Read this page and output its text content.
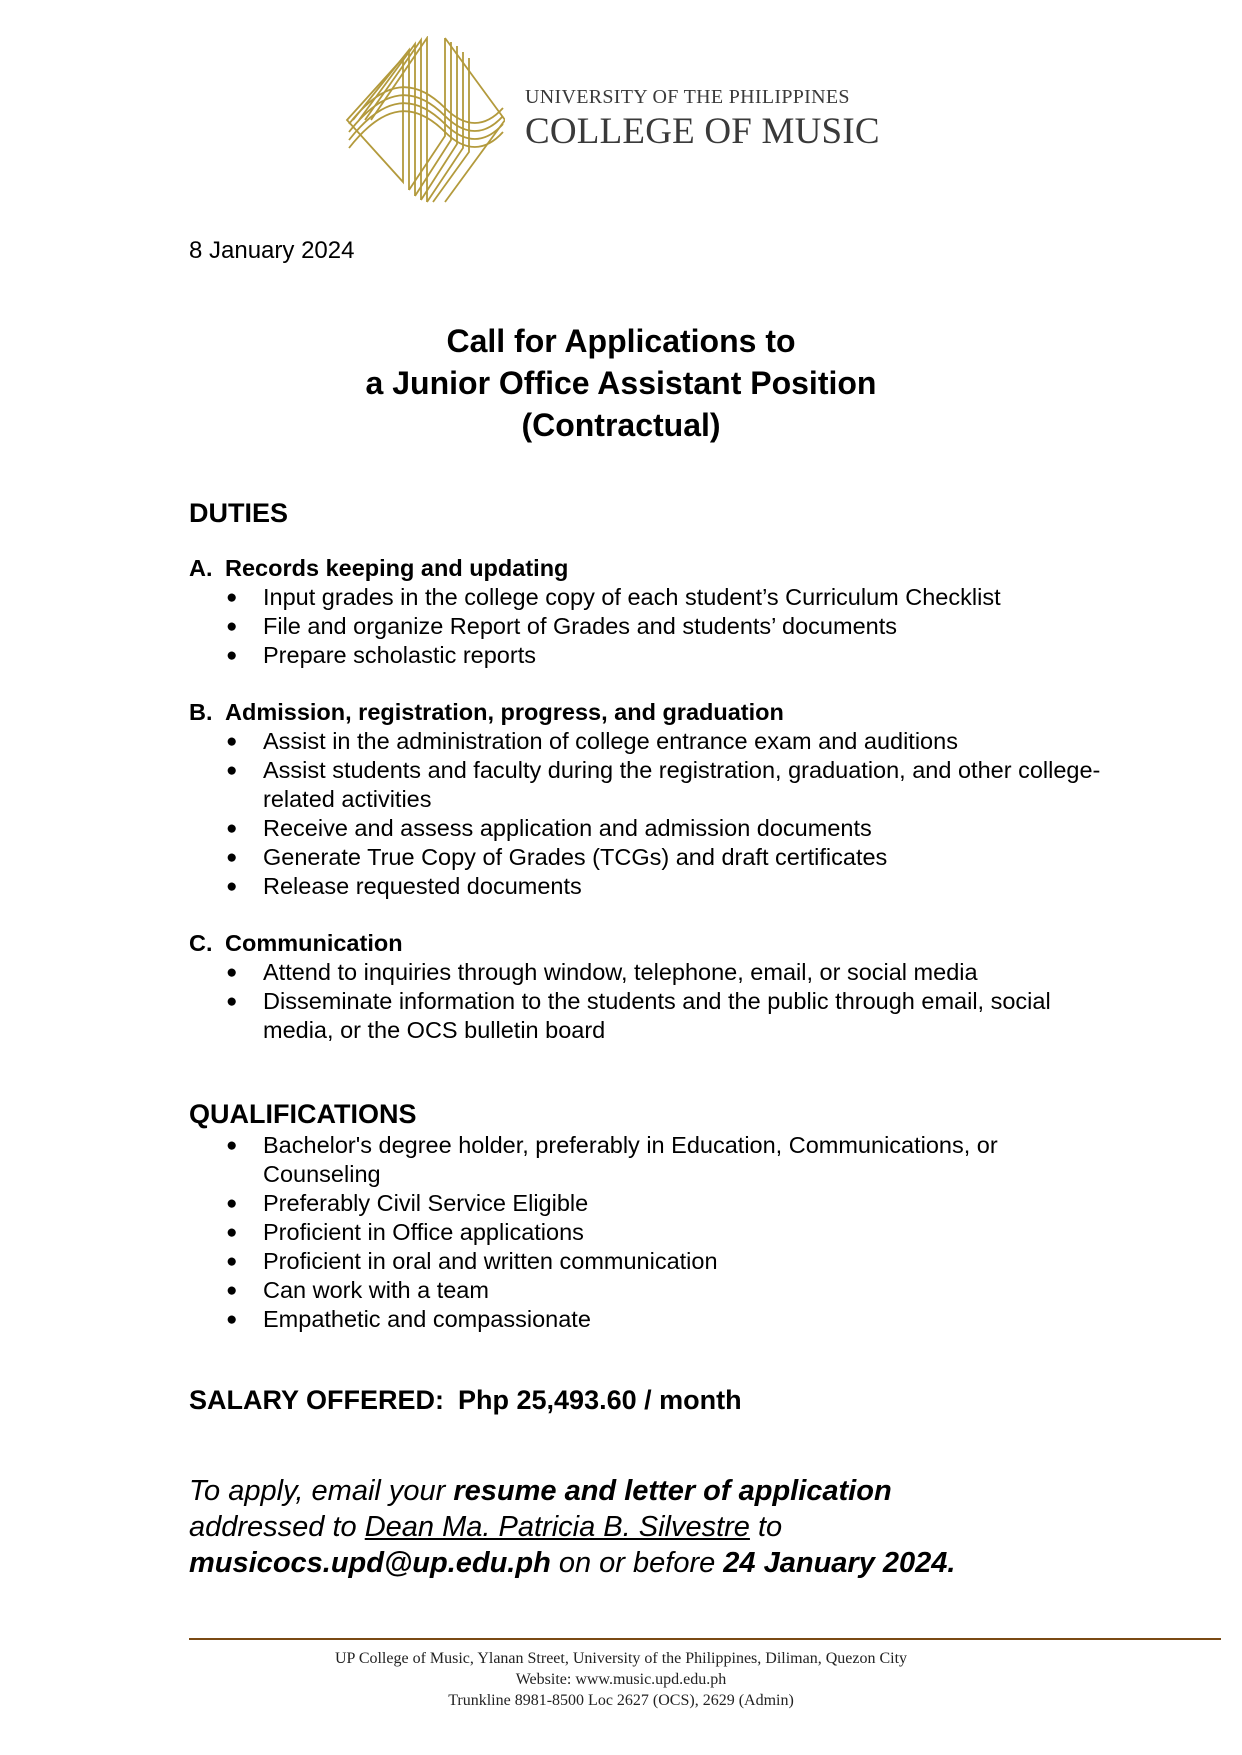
UNIVERSITY OF THE PHILIPPINES
COLLEGE OF MUSIC
8 January 2024
Call for Applications to
a Junior Office Assistant Position
(Contractual)
DUTIES
A. Records keeping and updating
● Input grades in the college copy of each student’s Curriculum Checklist
● File and organize Report of Grades and students’ documents
● Prepare scholastic reports
B. Admission, registration, progress, and graduation
● Assist in the administration of college entrance exam and auditions
● Assist students and faculty during the registration, graduation, and other college-related activities
● Receive and assess application and admission documents
● Generate True Copy of Grades (TCGs) and draft certificates
● Release requested documents
C. Communication
● Attend to inquiries through window, telephone, email, or social media
● Disseminate information to the students and the public through email, social media, or the OCS bulletin board
QUALIFICATIONS
● Bachelor's degree holder, preferably in Education, Communications, or Counseling
● Preferably Civil Service Eligible
● Proficient in Office applications
● Proficient in oral and written communication
● Can work with a team
● Empathetic and compassionate
SALARY OFFERED: Php 25,493.60 / month
To apply, email your resume and letter of application
addressed to Dean Ma. Patricia B. Silvestre to
musicocs.upd@up.edu.ph on or before 24 January 2024.
UP College of Music, Ylanan Street, University of the Philippines, Diliman, Quezon City
Website: www.music.upd.edu.ph
Trunkline 8981-8500 Loc 2627 (OCS), 2629 (Admin)
